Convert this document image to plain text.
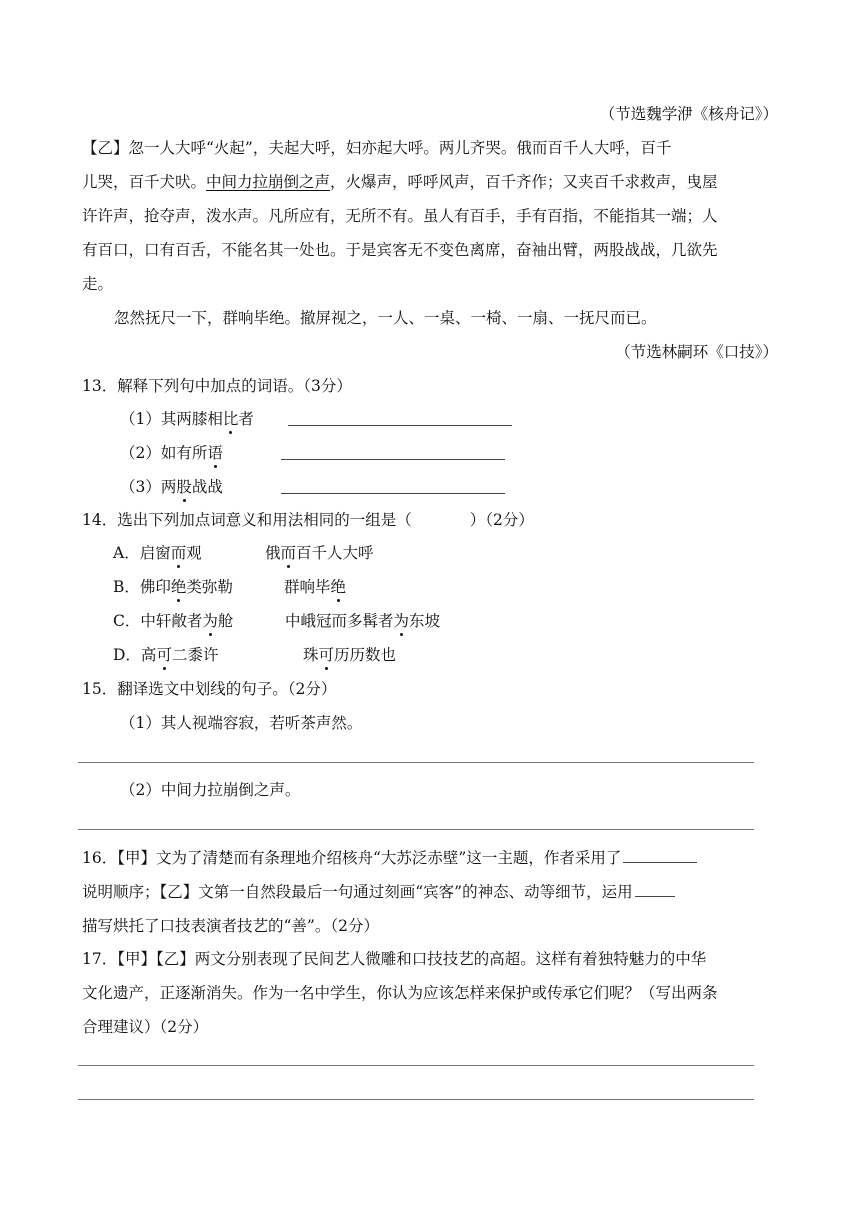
（节选魏学洢《核舟记》）
【乙】忽一人大呼“火起”，夫起大呼，妇亦起大呼。两儿齐哭。俄而百千人大呼，百千
儿哭，百千犬吠。中间力拉崩倒之声，火爆声，呼呼风声，百千齐作；又夹百千求救声，曳屋
许许声，抢夺声，泼水声。凡所应有，无所不有。虽人有百手，手有百指，不能指其一端；人
有百口，口有百舌，不能名其一处也。于是宾客无不变色离席，奋袖出臂，两股战战，几欲先
走。
忽然抚尺一下，群响毕绝。撤屏视之，一人、一桌、一椅、一扇、一抚尺而已。
（节选林嗣环《口技》）
13．解释下列句中加点的词语。（3分）
（1）其两膝相比者
（2）如有所语
（3）两股战战
14．选出下列加点词意义和用法相同的一组是（	）（2分）
A．启窗而观	俄而百千人大呼
B．佛印绝类弥勒	群响毕绝
C．中轩敞者为舱	中峨冠而多髯者为东坡
D．高可二黍许	珠可历历数也
15．翻译选文中划线的句子。（2分）
（1）其人视端容寂，若听茶声然。
（2）中间力拉崩倒之声。
16．【甲】文为了清楚而有条理地介绍核舟“大苏泛赤壁”这一主题，作者采用了
说明顺序；【乙】文第一自然段最后一句通过刻画“宾客”的神态、动等细节，运用
描写烘托了口技表演者技艺的“善”。（2分）
17．【甲】【乙】两文分别表现了民间艺人微雕和口技技艺的高超。这样有着独特魅力的中华
文化遗产，正逐渐消失。作为一名中学生，你认为应该怎样来保护或传承它们呢？（写出两条
合理建议）（2分）
